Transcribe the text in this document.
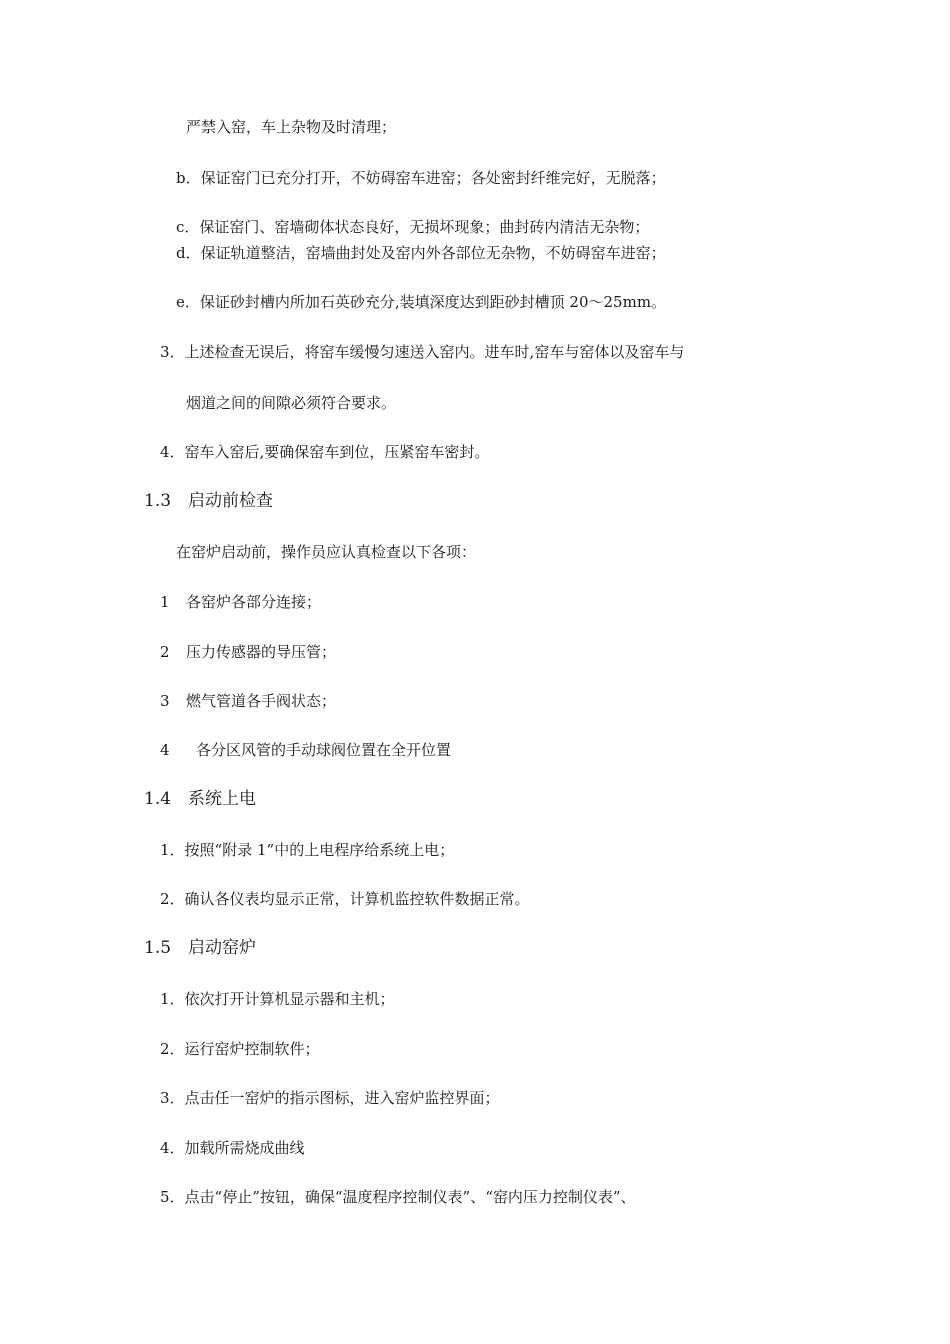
严禁入窑，车上杂物及时清理；
b．保证窑门已充分打开，不妨碍窑车进窑；各处密封纤维完好，无脱落；
c．保证窑门、窑墙砌体状态良好，无损坏现象；曲封砖内清洁无杂物；
d．保证轨道整洁，窑墙曲封处及窑内外各部位无杂物，不妨碍窑车进窑；
e．保证砂封槽内所加石英砂充分,装填深度达到距砂封槽顶 20～25mm。
3．上述检查无误后，将窑车缓慢匀速送入窑内。进车时,窑车与窑体以及窑车与
烟道之间的间隙必须符合要求。
4．窑车入窑后,要确保窑车到位，压紧窑车密封。
1.3 启动前检查
在窑炉启动前，操作员应认真检查以下各项：
1 各窑炉各部分连接；
2 压力传感器的导压管；
3 燃气管道各手阀状态；
4 各分区风管的手动球阀位置在全开位置
1.4 系统上电
1．按照“附录 1”中的上电程序给系统上电；
2．确认各仪表均显示正常，计算机监控软件数据正常。
1.5 启动窑炉
1．依次打开计算机显示器和主机；
2．运行窑炉控制软件；
3．点击任一窑炉的指示图标，进入窑炉监控界面；
4．加载所需烧成曲线
5．点击“停止”按钮，确保“温度程序控制仪表”、“窑内压力控制仪表”、
